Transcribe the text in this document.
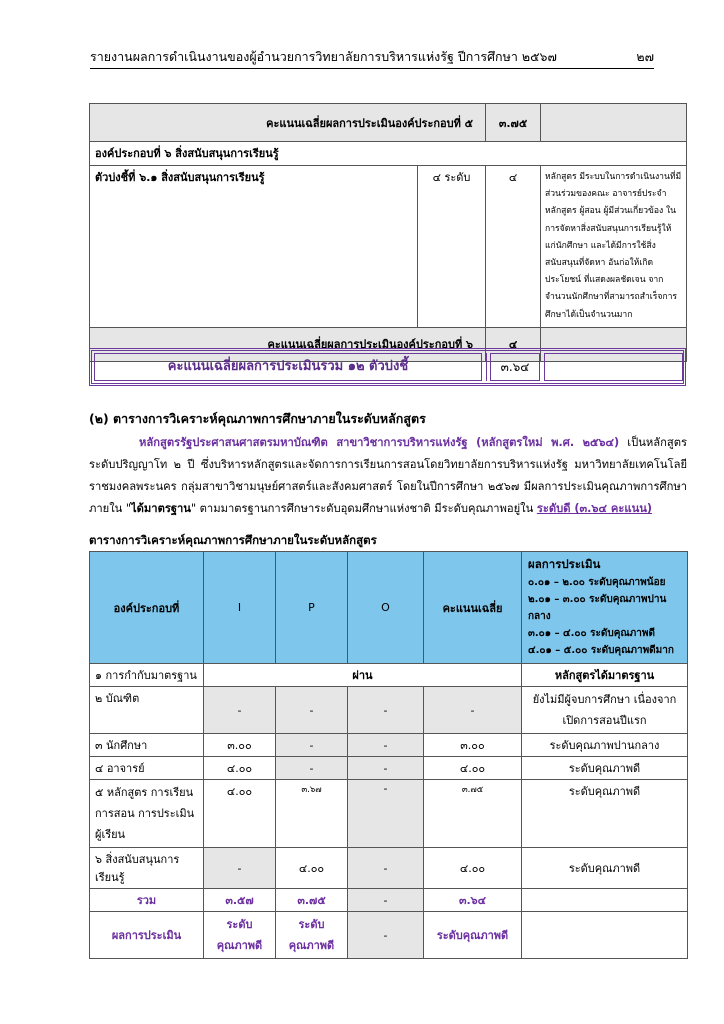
รายงานผลการดำเนินงานของผู้อำนวยการวิทยาลัยการบริหารแห่งรัฐ ปีการศึกษา ๒๕๖๗	๒๗
คะแนนเฉลี่ยผลการประเมินองค์ประกอบที่ ๕		๓.๗๕	
องค์ประกอบที่ ๖ สิ่งสนับสนุนการเรียนรู้			
ตัวบ่งชี้ที่ ๖.๑ สิ่งสนับสนุนการเรียนรู้	๔ ระดับ	๔	หลักสูตร มีระบบในการดำเนินงานที่มีส่วนร่วมของคณะ อาจารย์ประจำหลักสูตร ผู้สอน ผู้มีส่วนเกี่ยวข้อง ในการจัดหาสิ่งสนับสนุนการเรียนรู้ให้แก่นักศึกษา และได้มีการใช้สิ่งสนับสนุนที่จัดหา อันก่อให้เกิดประโยชน์ ที่แสดงผลชัดเจน จากจำนวนนักศึกษาที่สามารถสำเร็จการศึกษาได้เป็นจำนวนมาก
คะแนนเฉลี่ยผลการประเมินองค์ประกอบที่ ๖		๔	
คะแนนเฉลี่ยผลการประเมินรวม ๑๒ ตัวบ่งชี้	๓.๖๔
(๒) ตารางการวิเคราะห์คุณภาพการศึกษาภายในระดับหลักสูตร
หลักสูตรรัฐประศาสนศาสตรมหาบัณฑิต สาขาวิชาการบริหารแห่งรัฐ (หลักสูตรใหม่ พ.ศ. ๒๕๖๔) เป็นหลักสูตรระดับปริญญาโท ๒ ปี ซึ่งบริหารหลักสูตรและจัดการการเรียนการสอนโดยวิทยาลัยการบริหารแห่งรัฐ มหาวิทยาลัยเทคโนโลยีราชมงคลพระนคร กลุ่มสาขาวิชามนุษย์ศาสตร์และสังคมศาสตร์ โดยในปีการศึกษา ๒๕๖๗ มีผลการประเมินคุณภาพการศึกษาภายใน "ได้มาตรฐาน" ตามมาตรฐานการศึกษาระดับอุดมศึกษาแห่งชาติ มีระดับคุณภาพอยู่ใน ระดับดี (๓.๖๔ คะแนน)
ตารางการวิเคราะห์คุณภาพการศึกษาภายในระดับหลักสูตร
องค์ประกอบที่	I	P	O	คะแนนเฉลี่ย	ผลการประเมิน
๐.๐๑ – ๒.๐๐ ระดับคุณภาพน้อย
๒.๐๑ – ๓.๐๐ ระดับคุณภาพปานกลาง
๓.๐๑ – ๔.๐๐ ระดับคุณภาพดี
๔.๐๑ – ๕.๐๐ ระดับคุณภาพดีมาก

๑ การกำกับมาตรฐาน	ผ่าน				หลักสูตรได้มาตรฐาน
๒ บัณฑิต	-	-	-	-	ยังไม่มีผู้จบการศึกษา เนื่องจากเปิดการสอนปีแรก
๓ นักศึกษา	๓.๐๐	-	-	๓.๐๐	ระดับคุณภาพปานกลาง
๔ อาจารย์	๔.๐๐	-	-	๔.๐๐	ระดับคุณภาพดี
๕ หลักสูตร การเรียนการสอน การประเมินผู้เรียน	๔.๐๐	๓.๖๗	-	๓.๗๕	ระดับคุณภาพดี
๖ สิ่งสนับสนุนการเรียนรู้	-	๔.๐๐	-	๔.๐๐	ระดับคุณภาพดี
รวม	๓.๕๗	๓.๗๕	-	๓.๖๔	
ผลการประเมิน	ระดับคุณภาพดี	ระดับคุณภาพดี	-	ระดับคุณภาพดี	
